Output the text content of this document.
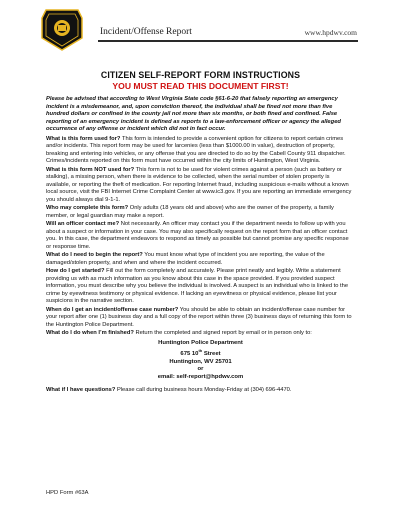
Incident/Offense Report	www.hpdwv.com
CITIZEN SELF-REPORT FORM INSTRUCTIONS
YOU MUST READ THIS DOCUMENT FIRST!

Please be advised that according to West Virginia State code §61-6-20 that falsely reporting an emergency incident is a misdemeanor, and, upon conviction thereof, the individual shall be fined not more than five hundred dollars or confined in the county jail not more than six months, or both fined and confined. False reporting of an emergency incident is defined as reports to a law-enforcement officer or agency the alleged occurrence of any offense or incident which did not in fact occur.

What is this form used for? This form is intended to provide a convenient option for citizens to report certain crimes and/or incidents. This report form may be used for larcenies (less than $1000.00 in value), destruction of property, breaking and entering into vehicles, or any offense that you are directed to do so by the Cabell County 911 dispatcher. Crimes/incidents reported on this form must have occurred within the city limits of Huntington, West Virginia.

What is this form NOT used for? This form is not to be used for violent crimes against a person (such as battery or stalking), a missing person, when there is evidence to be collected, when the serial number of stolen property is available, or reporting the theft of medication. For reporting Internet fraud, including suspicious e-mails without a known local source, visit the FBI Internet Crime Complaint Center at www.ic3.gov. If you are reporting an immediate emergency you should always dial 9-1-1.

Who may complete this form? Only adults (18 years old and above) who are the owner of the property, a family member, or legal guardian may make a report.

Will an officer contact me? Not necessarily. An officer may contact you if the department needs to follow up with you about a suspect or information in your case. You may also specifically request on the report form that an officer contact you. In this case, the department endeavors to respond as timely as possible but cannot promise any specific response or response time.

What do I need to begin the report? You must know what type of incident you are reporting, the value of the damaged/stolen property, and when and where the incident occurred.

How do I get started? Fill out the form completely and accurately. Please print neatly and legibly. Write a statement providing us with as much information as you know about this case in the space provided. If you provided suspect information, you must describe why you believe the individual is involved. A suspect is an individual who is linked to the crime by eyewitness testimony or physical evidence. If lacking an eyewitness or physical evidence, please list your suspicions in the narrative section.

When do I get an incident/offense case number? You should be able to obtain an incident/offense case number for your report after one (1) business day and a full copy of the report within three (3) business days of returning this form to the Huntington Police Department.

What do I do when I’m finished? Return the completed and signed report by email or in person only to:

Huntington Police Department
675 10th Street
Huntington, WV 25701
or
email: self-report@hpdwv.com

What if I have questions? Please call during business hours Monday-Friday at (304) 696-4470.

HPD Form #63A
